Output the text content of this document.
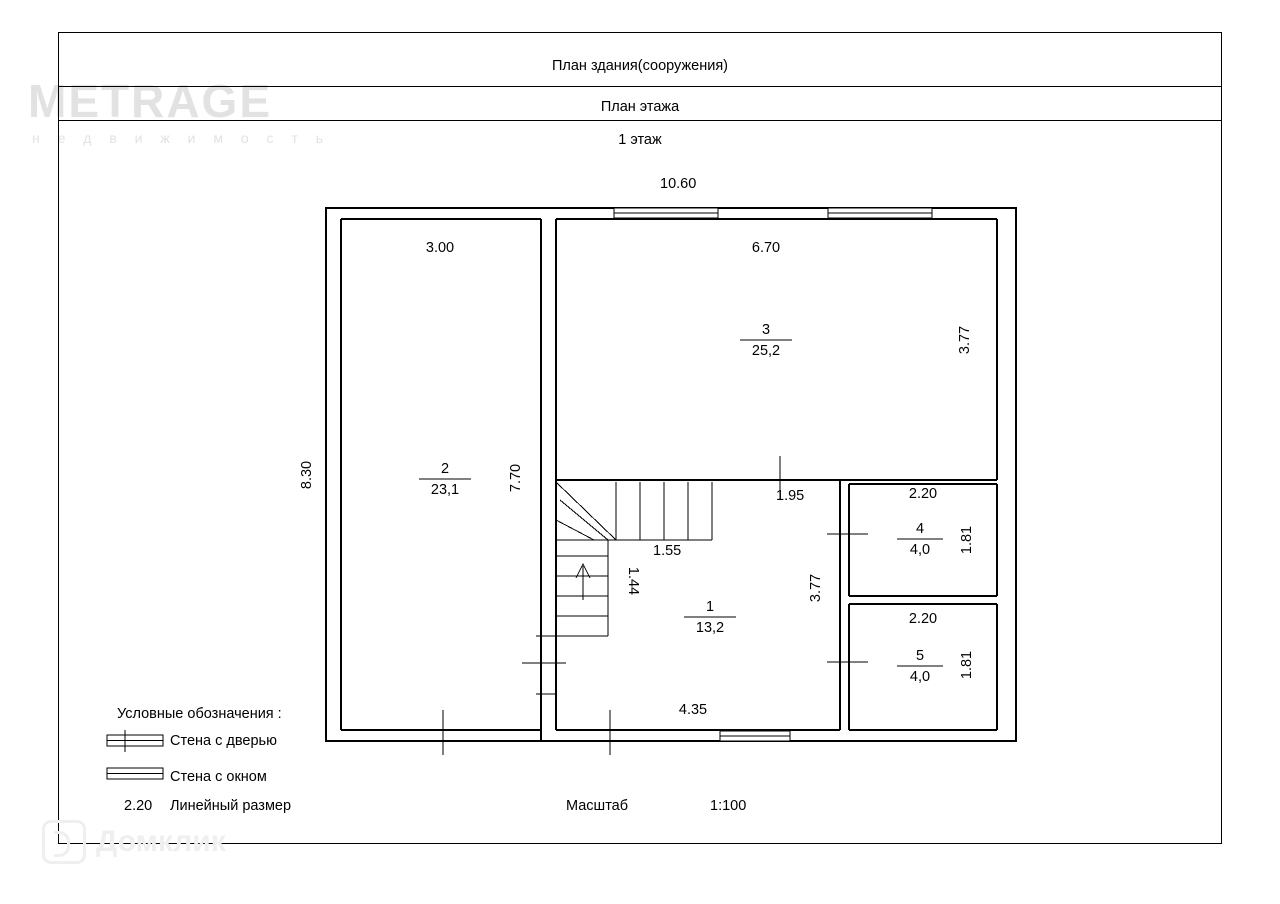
METRAGE
н е д в и ж и м о с т ь
План здания(сооружения)
План этажа
1 этаж
10.60
8.30
3.00	6.70
3.77
7.70
1.95
1.55
1.44	3.77
2.20
1.81
2.20
1.81
4.35
1
13,2
2
23,1
3
25,2
4
4,0
5
4,0
Условные обозначения :
Стена с дверью
Стена с окном
2.20 Линейный размер	Масштаб	1:100
Домклик
